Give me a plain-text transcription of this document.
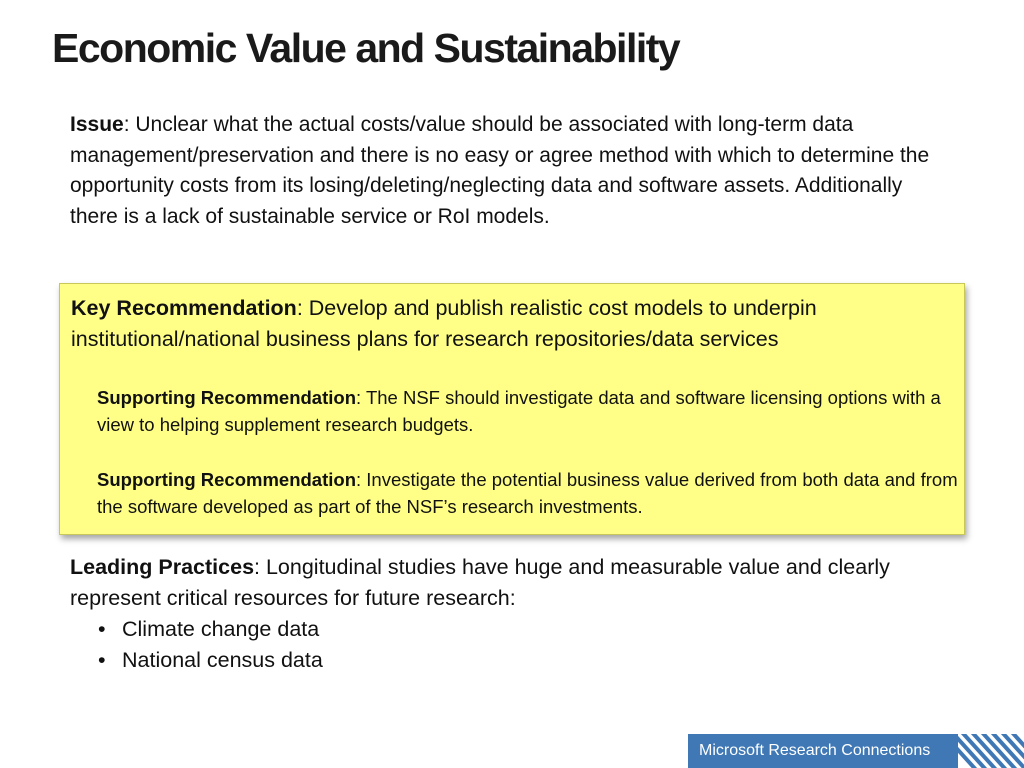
Economic Value and Sustainability
Issue: Unclear what the actual costs/value should be associated with long-term data management/preservation and there is no easy or agree method with which to determine the opportunity costs from its losing/deleting/neglecting data and software assets. Additionally there is a lack of sustainable service or RoI models.
Key Recommendation: Develop and publish realistic cost models to underpin institutional/national business plans for research repositories/data services
Supporting Recommendation: The NSF should investigate data and software licensing options with a view to helping supplement research budgets.
Supporting Recommendation: Investigate the potential business value derived from both data and from the software developed as part of the NSF’s research investments.
Leading Practices: Longitudinal studies have huge and measurable value and clearly represent critical resources for future research:
• Climate change data
• National census data
Microsoft Research Connections
